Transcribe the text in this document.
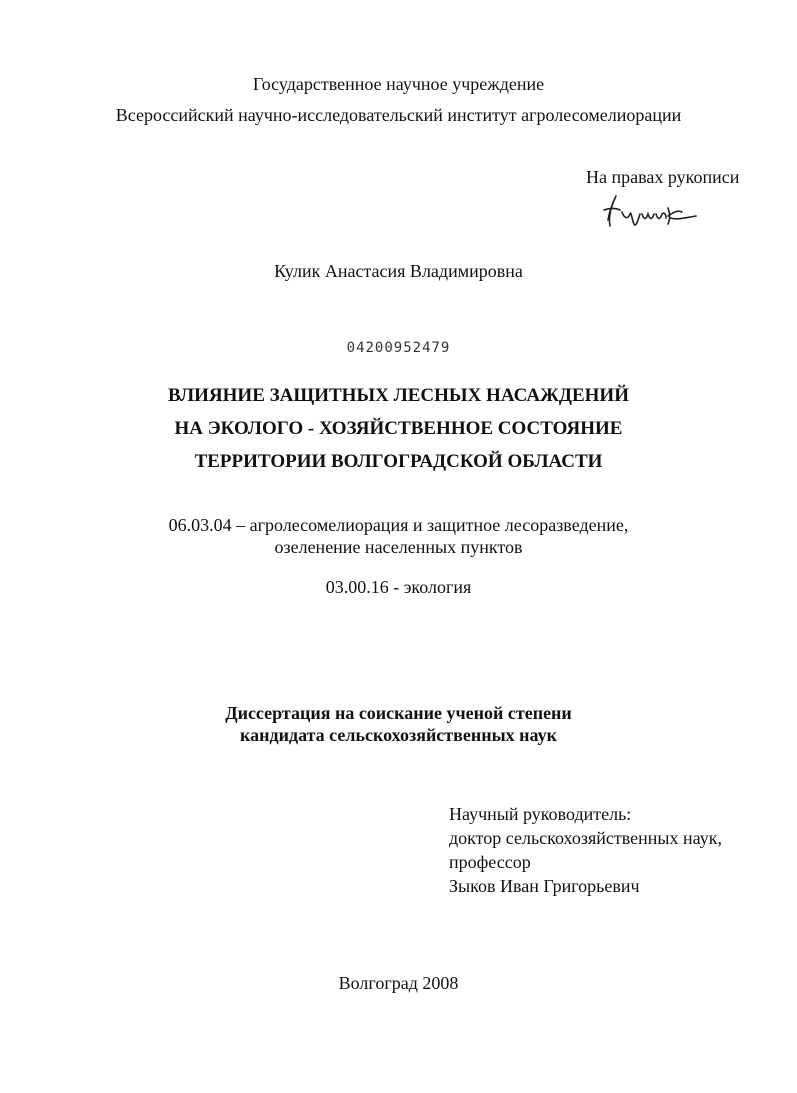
Государственное научное учреждение
Всероссийский научно-исследовательский институт агролесомелиорации
На правах рукописи
Кулик Анастасия Владимировна
04200952479
ВЛИЯНИЕ ЗАЩИТНЫХ ЛЕСНЫХ НАСАЖДЕНИЙ
НА ЭКОЛОГО - ХОЗЯЙСТВЕННОЕ СОСТОЯНИЕ
ТЕРРИТОРИИ ВОЛГОГРАДСКОЙ ОБЛАСТИ
06.03.04 – агролесомелиорация и защитное лесоразведение,
озеленение населенных пунктов
03.00.16 - экология
Диссертация на соискание ученой степени
кандидата сельскохозяйственных наук
Научный руководитель:
доктор сельскохозяйственных наук,
профессор
Зыков Иван Григорьевич
Волгоград 2008
